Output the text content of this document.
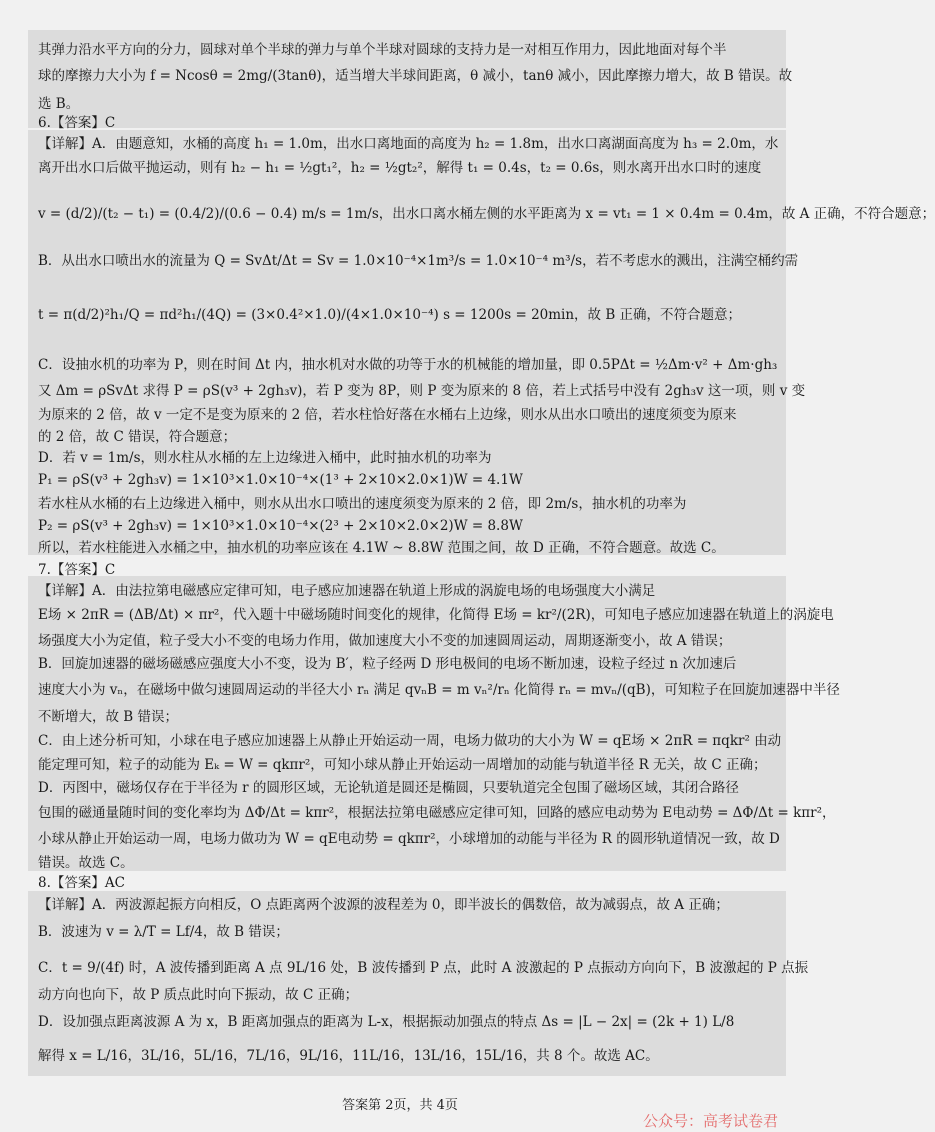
其弹力沿水平方向的分力，圆球对单个半球的弹力与单个半球对圆球的支持力是一对相互作用力，因此地面对每个半
球的摩擦力大小为 f = Ncosθ = 2mg/(3tanθ)，适当增大半球间距离，θ 减小，tanθ 减小，因此摩擦力增大，故 B 错误。故
选 B。
6.【答案】C
【详解】A．由题意知，水桶的高度 h₁ = 1.0m，出水口离地面的高度为 h₂ = 1.8m，出水口离湖面高度为 h₃ = 2.0m，水
离开出水口后做平抛运动，则有 h₂ − h₁ = ½gt₁²，h₂ = ½gt₂²，解得 t₁ = 0.4s，t₂ = 0.6s，则水离开出水口时的速度
v = (d/2)/(t₂ − t₁) = (0.4/2)/(0.6 − 0.4) m/s = 1m/s，出水口离水桶左侧的水平距离为 x = vt₁ = 1 × 0.4m = 0.4m，故 A 正确，不符合题意；
B．从出水口喷出水的流量为 Q = SvΔt/Δt = Sv = 1.0×10⁻⁴×1m³/s = 1.0×10⁻⁴ m³/s，若不考虑水的溅出，注满空桶约需
t = π(d/2)²h₁/Q = πd²h₁/(4Q) = (3×0.4²×1.0)/(4×1.0×10⁻⁴) s = 1200s = 20min，故 B 正确，不符合题意；
C．设抽水机的功率为 P，则在时间 Δt 内，抽水机对水做的功等于水的机械能的增加量，即 0.5PΔt = ½Δm·v² + Δm·gh₃
又 Δm = ρSvΔt 求得 P = ρS(v³ + 2gh₃v)，若 P 变为 8P，则 P 变为原来的 8 倍，若上式括号中没有 2gh₃v 这一项，则 v 变
为原来的 2 倍，故 v 一定不是变为原来的 2 倍，若水柱恰好落在水桶右上边缘，则水从出水口喷出的速度须变为原来
的 2 倍，故 C 错误，符合题意；
D．若 v = 1m/s，则水柱从水桶的左上边缘进入桶中，此时抽水机的功率为
P₁ = ρS(v³ + 2gh₃v) = 1×10³×1.0×10⁻⁴×(1³ + 2×10×2.0×1)W = 4.1W
若水柱从水桶的右上边缘进入桶中，则水从出水口喷出的速度须变为原来的 2 倍，即 2m/s，抽水机的功率为
P₂ = ρS(v³ + 2gh₃v) = 1×10³×1.0×10⁻⁴×(2³ + 2×10×2.0×2)W = 8.8W
所以，若水柱能进入水桶之中，抽水机的功率应该在 4.1W ~ 8.8W 范围之间，故 D 正确，不符合题意。故选 C。
7.【答案】C
【详解】A．由法拉第电磁感应定律可知，电子感应加速器在轨道上形成的涡旋电场的电场强度大小满足
E场 × 2πR = (ΔB/Δt) × πr²，代入题十中磁场随时间变化的规律，化简得 E场 = kr²/(2R)，可知电子感应加速器在轨道上的涡旋电
场强度大小为定值，粒子受大小不变的电场力作用，做加速度大小不变的加速圆周运动，周期逐渐变小，故 A 错误；
B．回旋加速器的磁场磁感应强度大小不变，设为 B′，粒子经两 D 形电极间的电场不断加速，设粒子经过 n 次加速后
速度大小为 vₙ，在磁场中做匀速圆周运动的半径大小 rₙ 满足 qvₙB = m vₙ²/rₙ 化简得 rₙ = mvₙ/(qB)，可知粒子在回旋加速器中半径
不断增大，故 B 错误；
C．由上述分析可知，小球在电子感应加速器上从静止开始运动一周，电场力做功的大小为 W = qE场 × 2πR = πqkr² 由动
能定理可知，粒子的动能为 Eₖ = W = qkπr²，可知小球从静止开始运动一周增加的动能与轨道半径 R 无关，故 C 正确；
D．丙图中，磁场仅存在于半径为 r 的圆形区域，无论轨道是圆还是椭圆，只要轨道完全包围了磁场区域，其闭合路径
包围的磁通量随时间的变化率均为 ΔΦ/Δt = kπr²，根据法拉第电磁感应定律可知，回路的感应电动势为 E电动势 = ΔΦ/Δt = kπr²，
小球从静止开始运动一周，电场力做功为 W = qE电动势 = qkπr²，小球增加的动能与半径为 R 的圆形轨道情况一致，故 D
错误。故选 C。
8.【答案】AC
【详解】A．两波源起振方向相反，O 点距离两个波源的波程差为 0，即半波长的偶数倍，故为减弱点，故 A 正确；
B．波速为 v = λ/T = Lf/4，故 B 错误；
C．t = 9/(4f) 时，A 波传播到距离 A 点 9L/16 处，B 波传播到 P 点，此时 A 波激起的 P 点振动方向向下，B 波激起的 P 点振
动方向也向下，故 P 质点此时向下振动，故 C 正确；
D．设加强点距离波源 A 为 x，B 距离加强点的距离为 L-x，根据振动加强点的特点 Δs = |L − 2x| = (2k + 1) L/8
解得 x = L/16，3L/16，5L/16，7L/16，9L/16，11L/16，13L/16，15L/16，共 8 个。故选 AC。
答案第 2页，共 4页
公众号：高考试卷君
